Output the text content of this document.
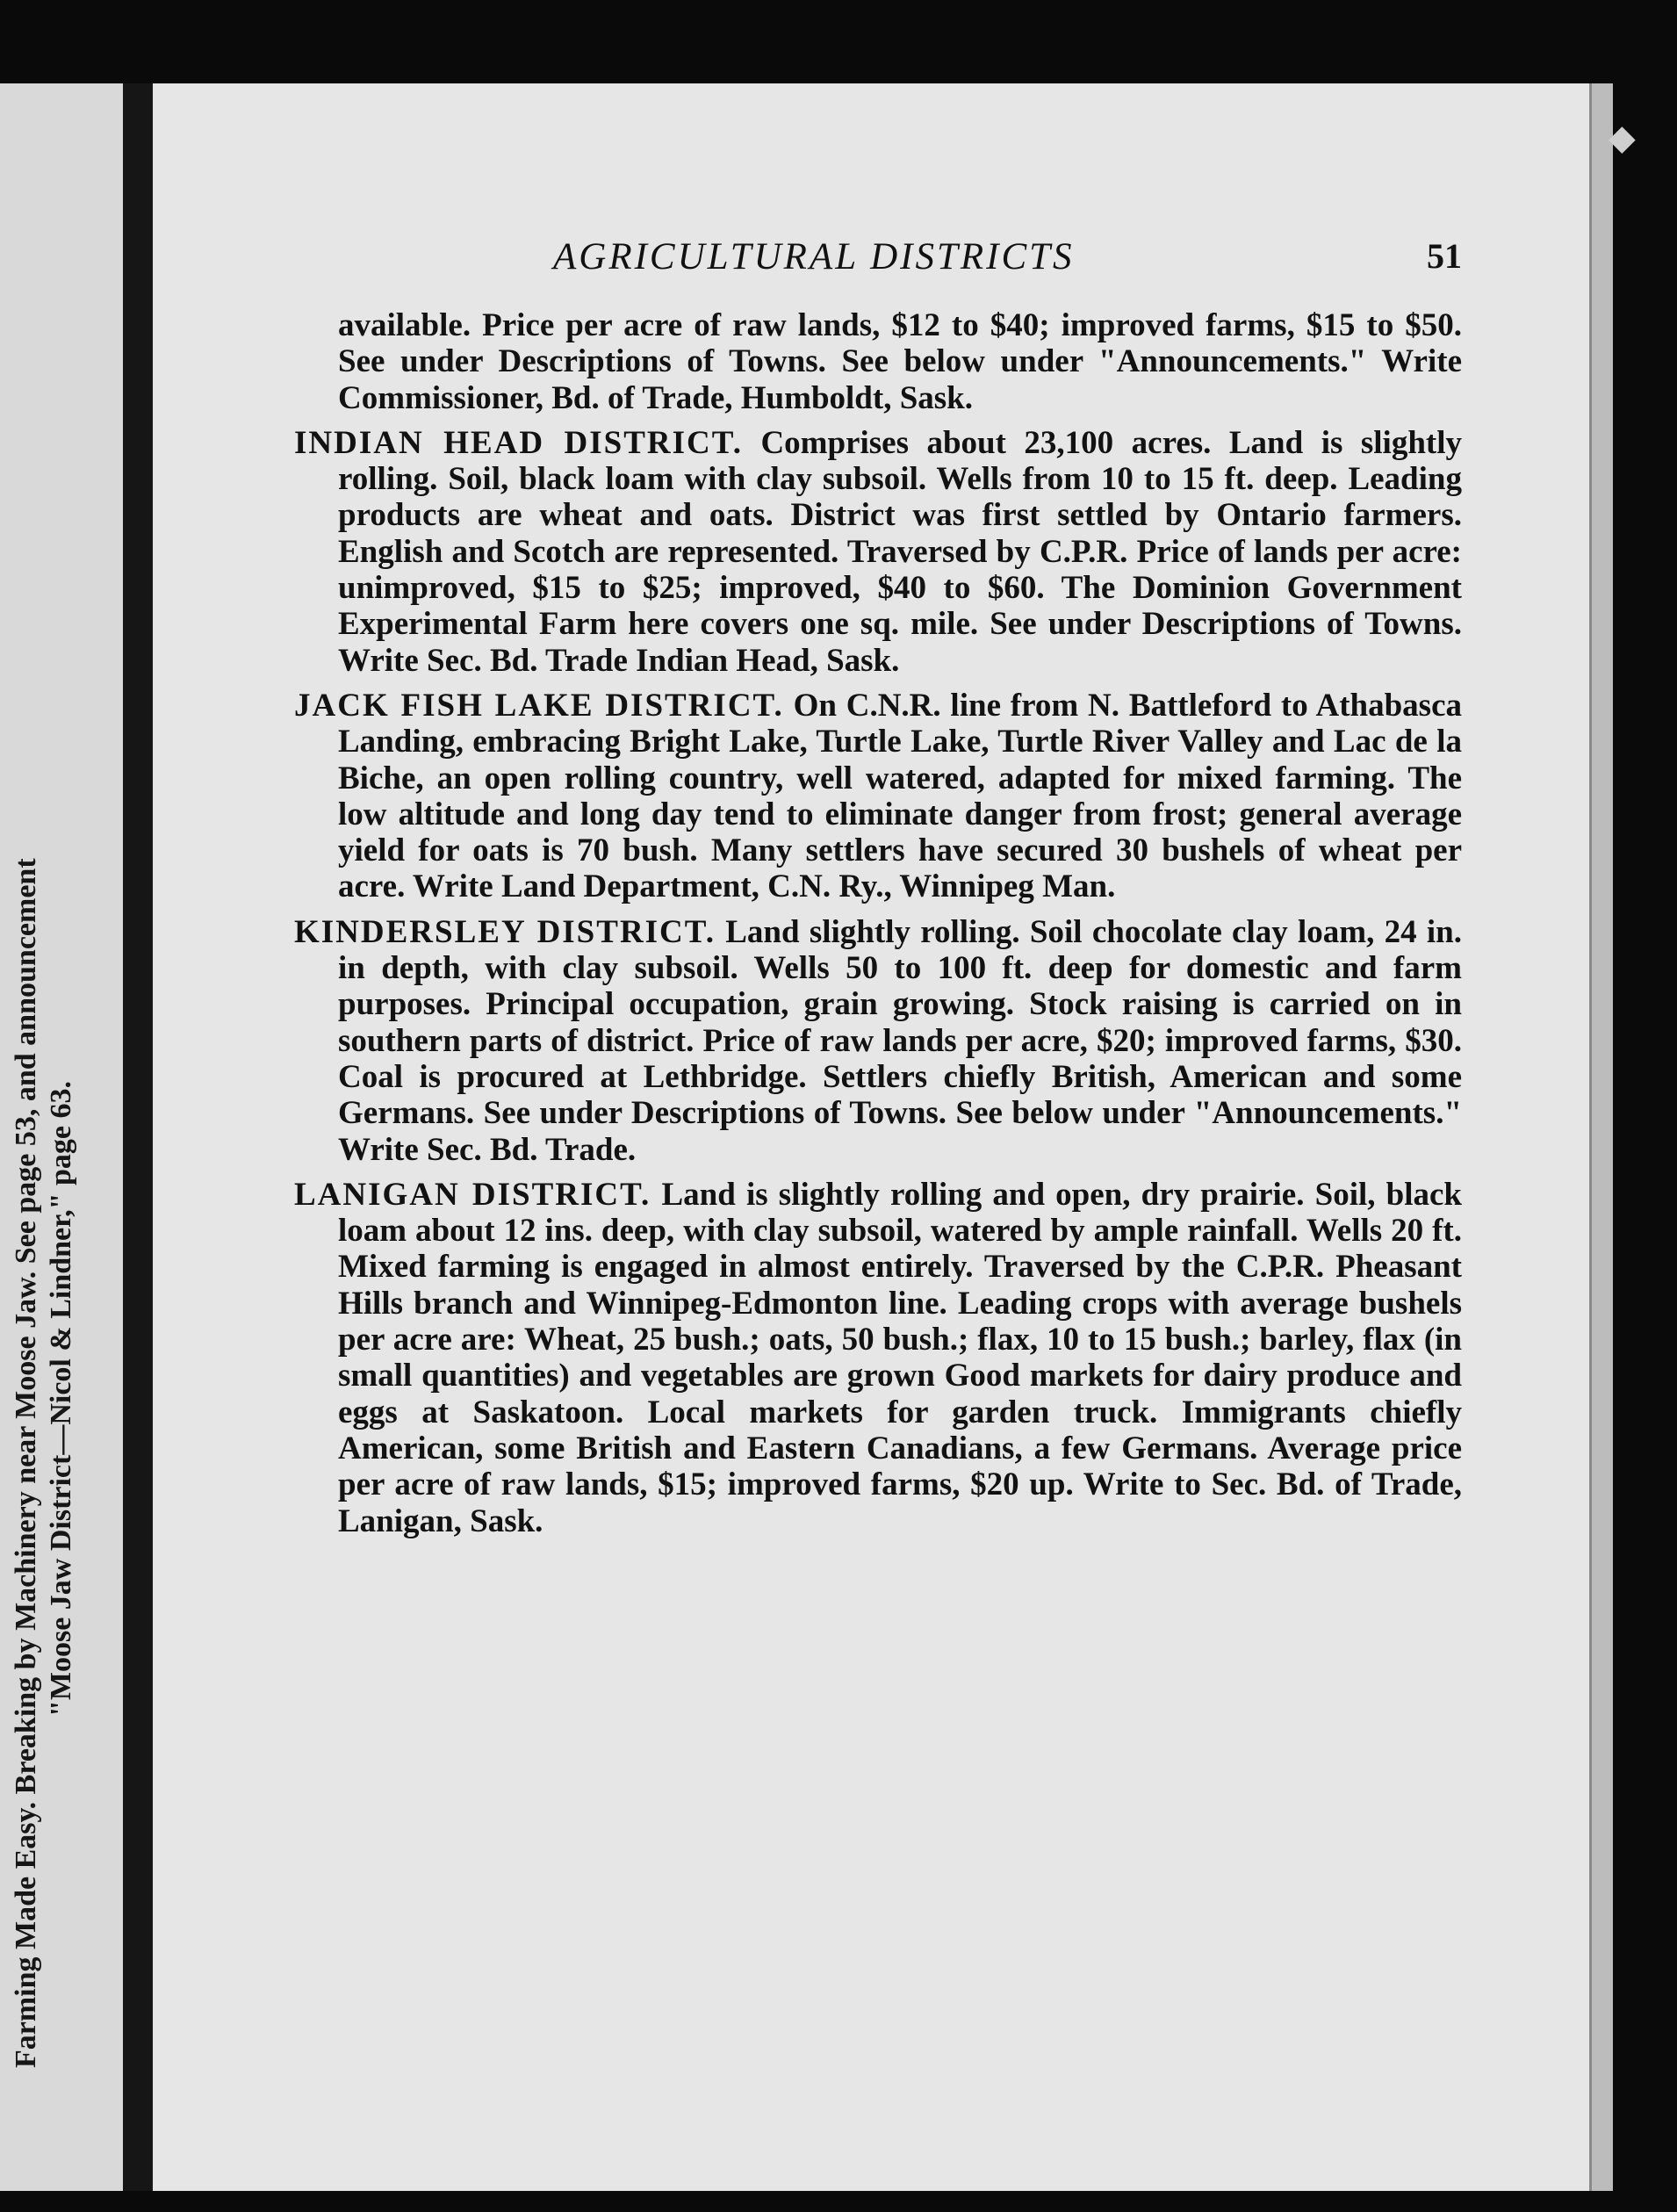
Farming Made Easy. Breaking by Machinery near Moose Jaw. See page 53, and announcement "Moose Jaw District—Nicol & Lindner," page 63.
◆
AGRICULTURAL DISTRICTS	51

available. Price per acre of raw lands, $12 to $40; improved farms, $15 to $50. See under Descriptions of Towns. See below under "Announcements." Write Commissioner, Bd. of Trade, Humboldt, Sask.

INDIAN HEAD DISTRICT. Comprises about 23,100 acres. Land is slightly rolling. Soil, black loam with clay subsoil. Wells from 10 to 15 ft. deep. Leading products are wheat and oats. District was first settled by Ontario farmers. English and Scotch are represented. Traversed by C.P.R. Price of lands per acre: unimproved, $15 to $25; improved, $40 to $60. The Dominion Government Experimental Farm here covers one sq. mile. See under Descriptions of Towns. Write Sec. Bd. Trade Indian Head, Sask.

JACK FISH LAKE DISTRICT. On C.N.R. line from N. Battleford to Athabasca Landing, embracing Bright Lake, Turtle Lake, Turtle River Valley and Lac de la Biche, an open rolling country, well watered, adapted for mixed farming. The low altitude and long day tend to eliminate danger from frost; general average yield for oats is 70 bush. Many settlers have secured 30 bushels of wheat per acre. Write Land Department, C.N. Ry., Winnipeg Man.

KINDERSLEY DISTRICT. Land slightly rolling. Soil chocolate clay loam, 24 in. in depth, with clay subsoil. Wells 50 to 100 ft. deep for domestic and farm purposes. Principal occupation, grain growing. Stock raising is carried on in southern parts of district. Price of raw lands per acre, $20; improved farms, $30. Coal is procured at Lethbridge. Settlers chiefly British, American and some Germans. See under Descriptions of Towns. See below under "Announcements." Write Sec. Bd. Trade.

LANIGAN DISTRICT. Land is slightly rolling and open, dry prairie. Soil, black loam about 12 ins. deep, with clay subsoil, watered by ample rainfall. Wells 20 ft. Mixed farming is engaged in almost entirely. Traversed by the C.P.R. Pheasant Hills branch and Winnipeg-Edmonton line. Leading crops with average bushels per acre are: Wheat, 25 bush.; oats, 50 bush.; flax, 10 to 15 bush.; barley, flax (in small quantities) and vegetables are grown Good markets for dairy produce and eggs at Saskatoon. Local markets for garden truck. Immigrants chiefly American, some British and Eastern Canadians, a few Germans. Average price per acre of raw lands, $15; improved farms, $20 up. Write to Sec. Bd. of Trade, Lanigan, Sask.
